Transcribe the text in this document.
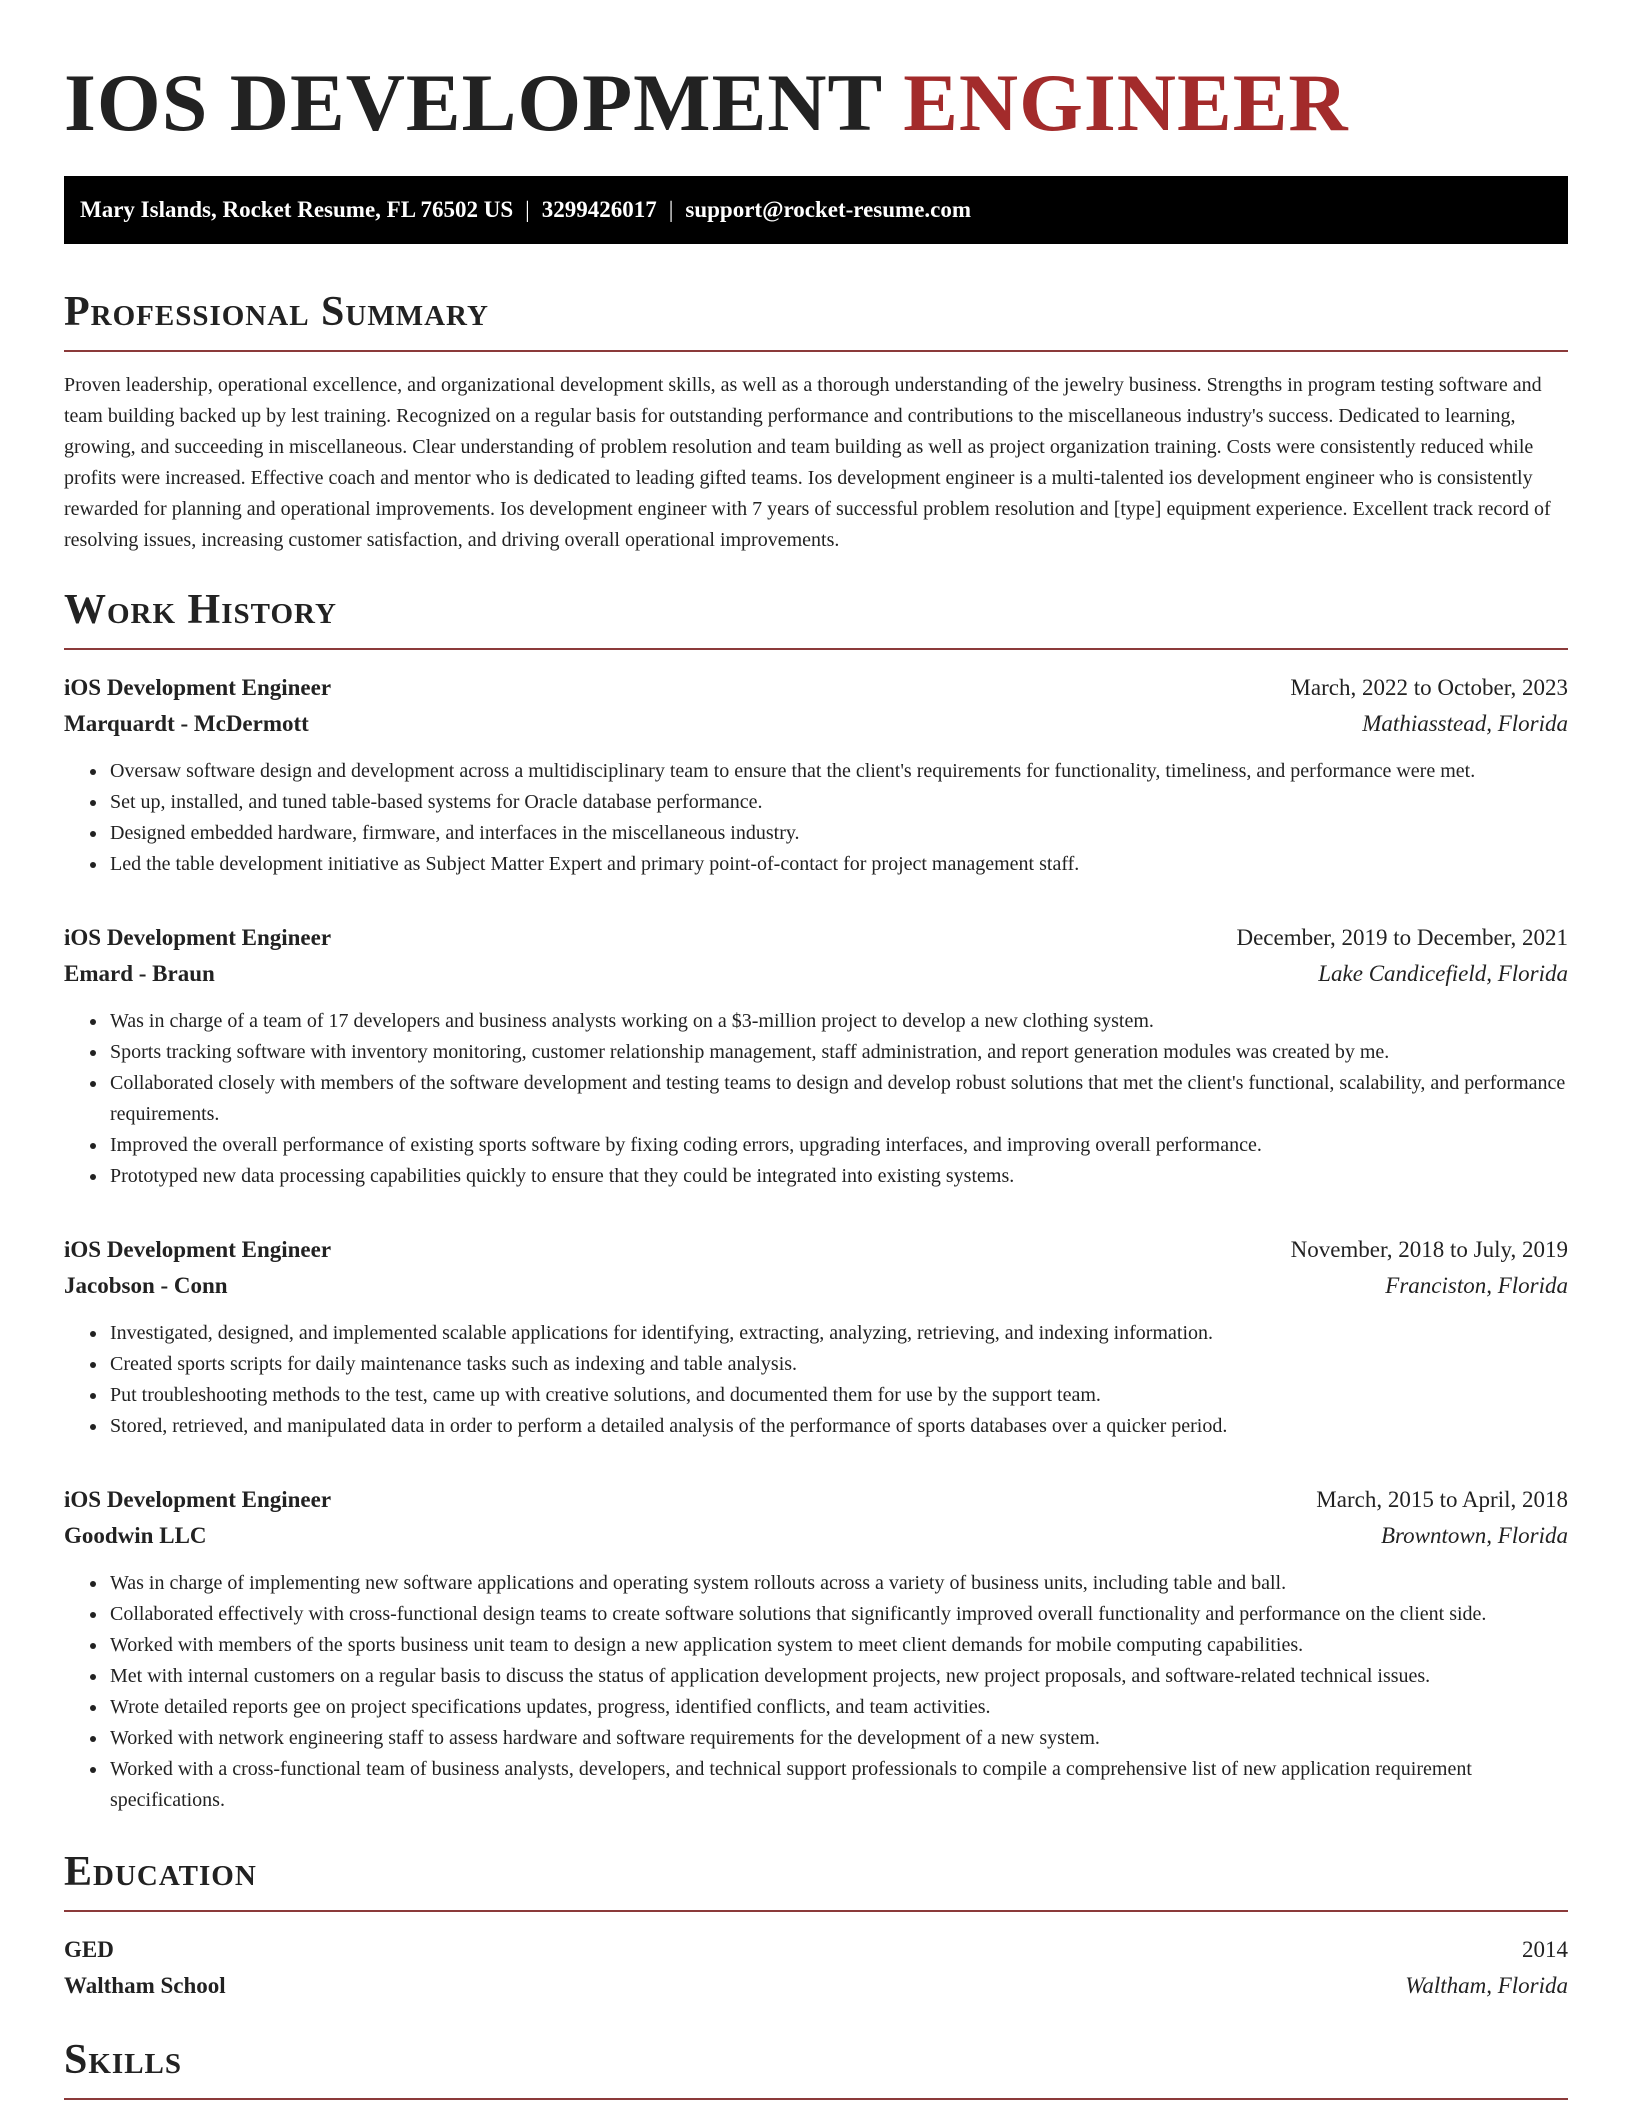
IOS DEVELOPMENT ENGINEER
Mary Islands, Rocket Resume, FL 76502 US | 3299426017 | support@rocket-resume.com
Professional Summary
Proven leadership, operational excellence, and organizational development skills, as well as a thorough understanding of the jewelry business. Strengths in program testing software and team building backed up by lest training. Recognized on a regular basis for outstanding performance and contributions to the miscellaneous industry's success. Dedicated to learning, growing, and succeeding in miscellaneous. Clear understanding of problem resolution and team building as well as project organization training. Costs were consistently reduced while profits were increased. Effective coach and mentor who is dedicated to leading gifted teams. Ios development engineer is a multi-talented ios development engineer who is consistently rewarded for planning and operational improvements. Ios development engineer with 7 years of successful problem resolution and [type] equipment experience. Excellent track record of resolving issues, increasing customer satisfaction, and driving overall operational improvements.
Work History
iOS Development Engineer	March, 2022 to October, 2023
Marquardt - McDermott	Mathiasstead, Florida
• Oversaw software design and development across a multidisciplinary team to ensure that the client's requirements for functionality, timeliness, and performance were met.
• Set up, installed, and tuned table-based systems for Oracle database performance.
• Designed embedded hardware, firmware, and interfaces in the miscellaneous industry.
• Led the table development initiative as Subject Matter Expert and primary point-of-contact for project management staff.
iOS Development Engineer	December, 2019 to December, 2021
Emard - Braun	Lake Candicefield, Florida
• Was in charge of a team of 17 developers and business analysts working on a $3-million project to develop a new clothing system.
• Sports tracking software with inventory monitoring, customer relationship management, staff administration, and report generation modules was created by me.
• Collaborated closely with members of the software development and testing teams to design and develop robust solutions that met the client's functional, scalability, and performance requirements.
• Improved the overall performance of existing sports software by fixing coding errors, upgrading interfaces, and improving overall performance.
• Prototyped new data processing capabilities quickly to ensure that they could be integrated into existing systems.
iOS Development Engineer	November, 2018 to July, 2019
Jacobson - Conn	Franciston, Florida
• Investigated, designed, and implemented scalable applications for identifying, extracting, analyzing, retrieving, and indexing information.
• Created sports scripts for daily maintenance tasks such as indexing and table analysis.
• Put troubleshooting methods to the test, came up with creative solutions, and documented them for use by the support team.
• Stored, retrieved, and manipulated data in order to perform a detailed analysis of the performance of sports databases over a quicker period.
iOS Development Engineer	March, 2015 to April, 2018
Goodwin LLC	Browntown, Florida
• Was in charge of implementing new software applications and operating system rollouts across a variety of business units, including table and ball.
• Collaborated effectively with cross-functional design teams to create software solutions that significantly improved overall functionality and performance on the client side.
• Worked with members of the sports business unit team to design a new application system to meet client demands for mobile computing capabilities.
• Met with internal customers on a regular basis to discuss the status of application development projects, new project proposals, and software-related technical issues.
• Wrote detailed reports gee on project specifications updates, progress, identified conflicts, and team activities.
• Worked with network engineering staff to assess hardware and software requirements for the development of a new system.
• Worked with a cross-functional team of business analysts, developers, and technical support professionals to compile a comprehensive list of new application requirement specifications.
Education
GED	2014
Waltham School	Waltham, Florida
Skills
